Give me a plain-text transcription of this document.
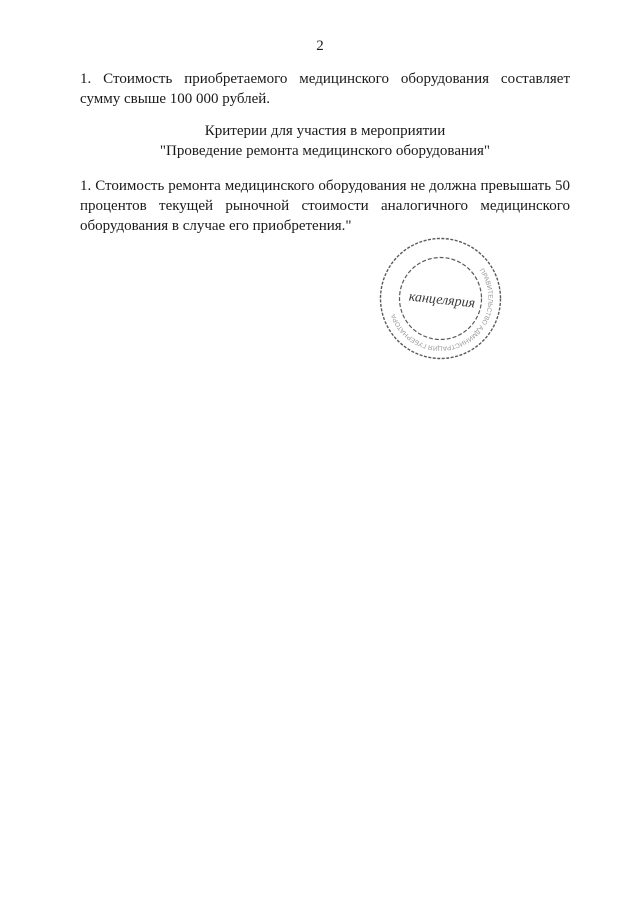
2

1. Стоимость приобретаемого медицинского оборудования составляет сумму свыше 100 000 рублей.

Критерии для участия в мероприятии
"Проведение ремонта медицинского оборудования"

1. Стоимость ремонта медицинского оборудования не должна превышать 50 процентов текущей рыночной стоимости аналогичного медицинского оборудования в случае его приобретения."

ПРАВИТЕЛЬСТВО АДМИНИСТРАЦИЯ ГУБЕРНАТОРА
канцелярия
